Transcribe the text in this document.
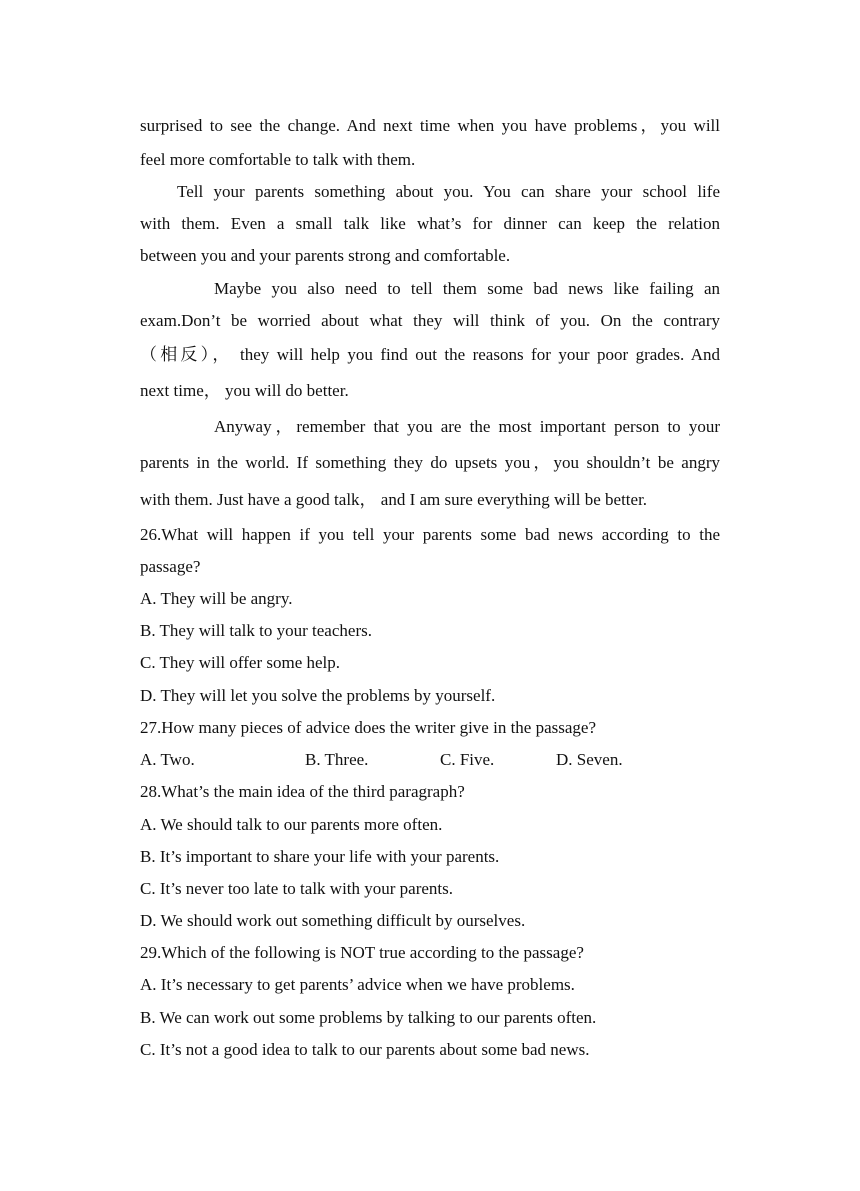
surprised to see the change. And next time when you have problems，you will
feel more comfortable to talk with them.
Tell your parents something about you. You can share your school life
with them. Even a small talk like what’s for dinner can keep the relation
between you and your parents strong and comfortable.
Maybe you also need to tell them some bad news like failing an
exam.Don’t be worried about what they will think of you. On the contrary
（相反）， they will help you find out the reasons for your poor grades. And
next time， you will do better.
Anyway，remember that you are the most important person to your
parents in the world. If something they do upsets you，you shouldn’t be angry
with them. Just have a good talk， and I am sure everything will be better.
26.What will happen if you tell your parents some bad news according to the
passage?
A. They will be angry.
B. They will talk to your teachers.
C. They will offer some help.
D. They will let you solve the problems by yourself.
27.How many pieces of advice does the writer give in the passage?
A. Two.	B. Three.	C. Five.	D. Seven.
28.What’s the main idea of the third paragraph?
A. We should talk to our parents more often.
B. It’s important to share your life with your parents.
C. It’s never too late to talk with your parents.
D. We should work out something difficult by ourselves.
29.Which of the following is NOT true according to the passage?
A. It’s necessary to get parents’ advice when we have problems.
B. We can work out some problems by talking to our parents often.
C. It’s not a good idea to talk to our parents about some bad news.
